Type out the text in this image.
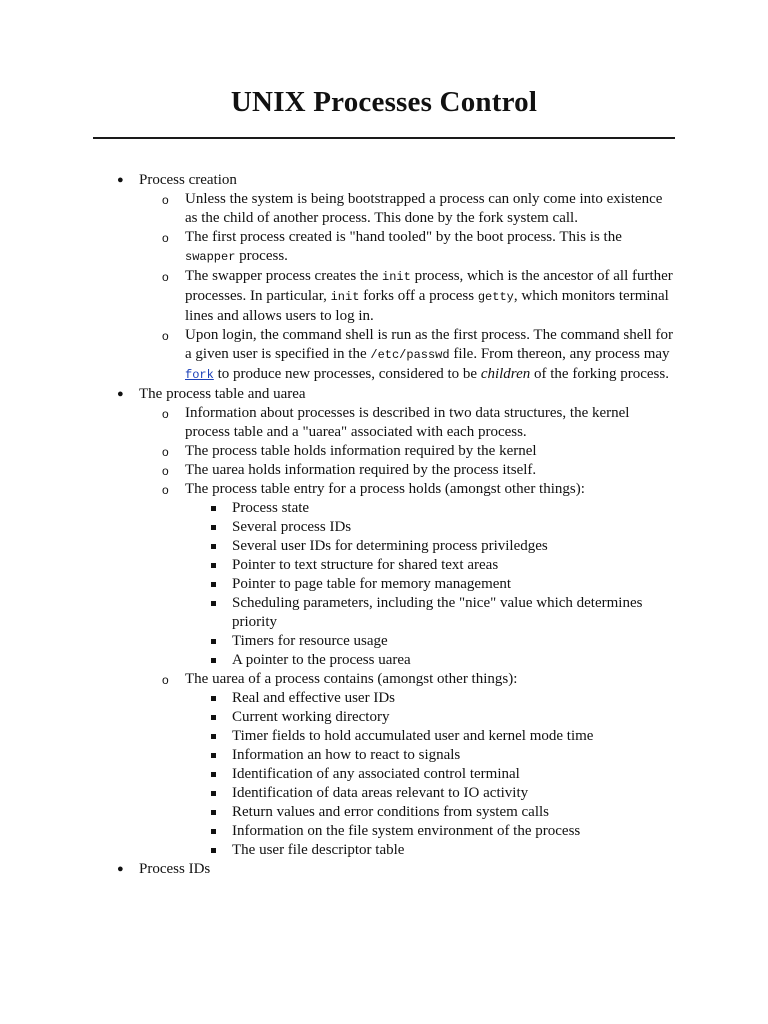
UNIX Processes Control
● Process creation
o Unless the system is being bootstrapped a process can only come into existence as the child of another process. This done by the fork system call.
o The first process created is "hand tooled" by the boot process. This is the swapper process.
o The swapper process creates the init process, which is the ancestor of all further processes. In particular, init forks off a process getty, which monitors terminal lines and allows users to log in.
o Upon login, the command shell is run as the first process. The command shell for a given user is specified in the /etc/passwd file. From thereon, any process may fork to produce new processes, considered to be children of the forking process.
● The process table and uarea
o Information about processes is described in two data structures, the kernel process table and a "uarea" associated with each process.
o The process table holds information required by the kernel
o The uarea holds information required by the process itself.
o The process table entry for a process holds (amongst other things):
Process state
Several process IDs
Several user IDs for determining process priviledges
Pointer to text structure for shared text areas
Pointer to page table for memory management
Scheduling parameters, including the "nice" value which determines priority
Timers for resource usage
A pointer to the process uarea
o The uarea of a process contains (amongst other things):
Real and effective user IDs
Current working directory
Timer fields to hold accumulated user and kernel mode time
Information an how to react to signals
Identification of any associated control terminal
Identification of data areas relevant to IO activity
Return values and error conditions from system calls
Information on the file system environment of the process
The user file descriptor table
● Process IDs
